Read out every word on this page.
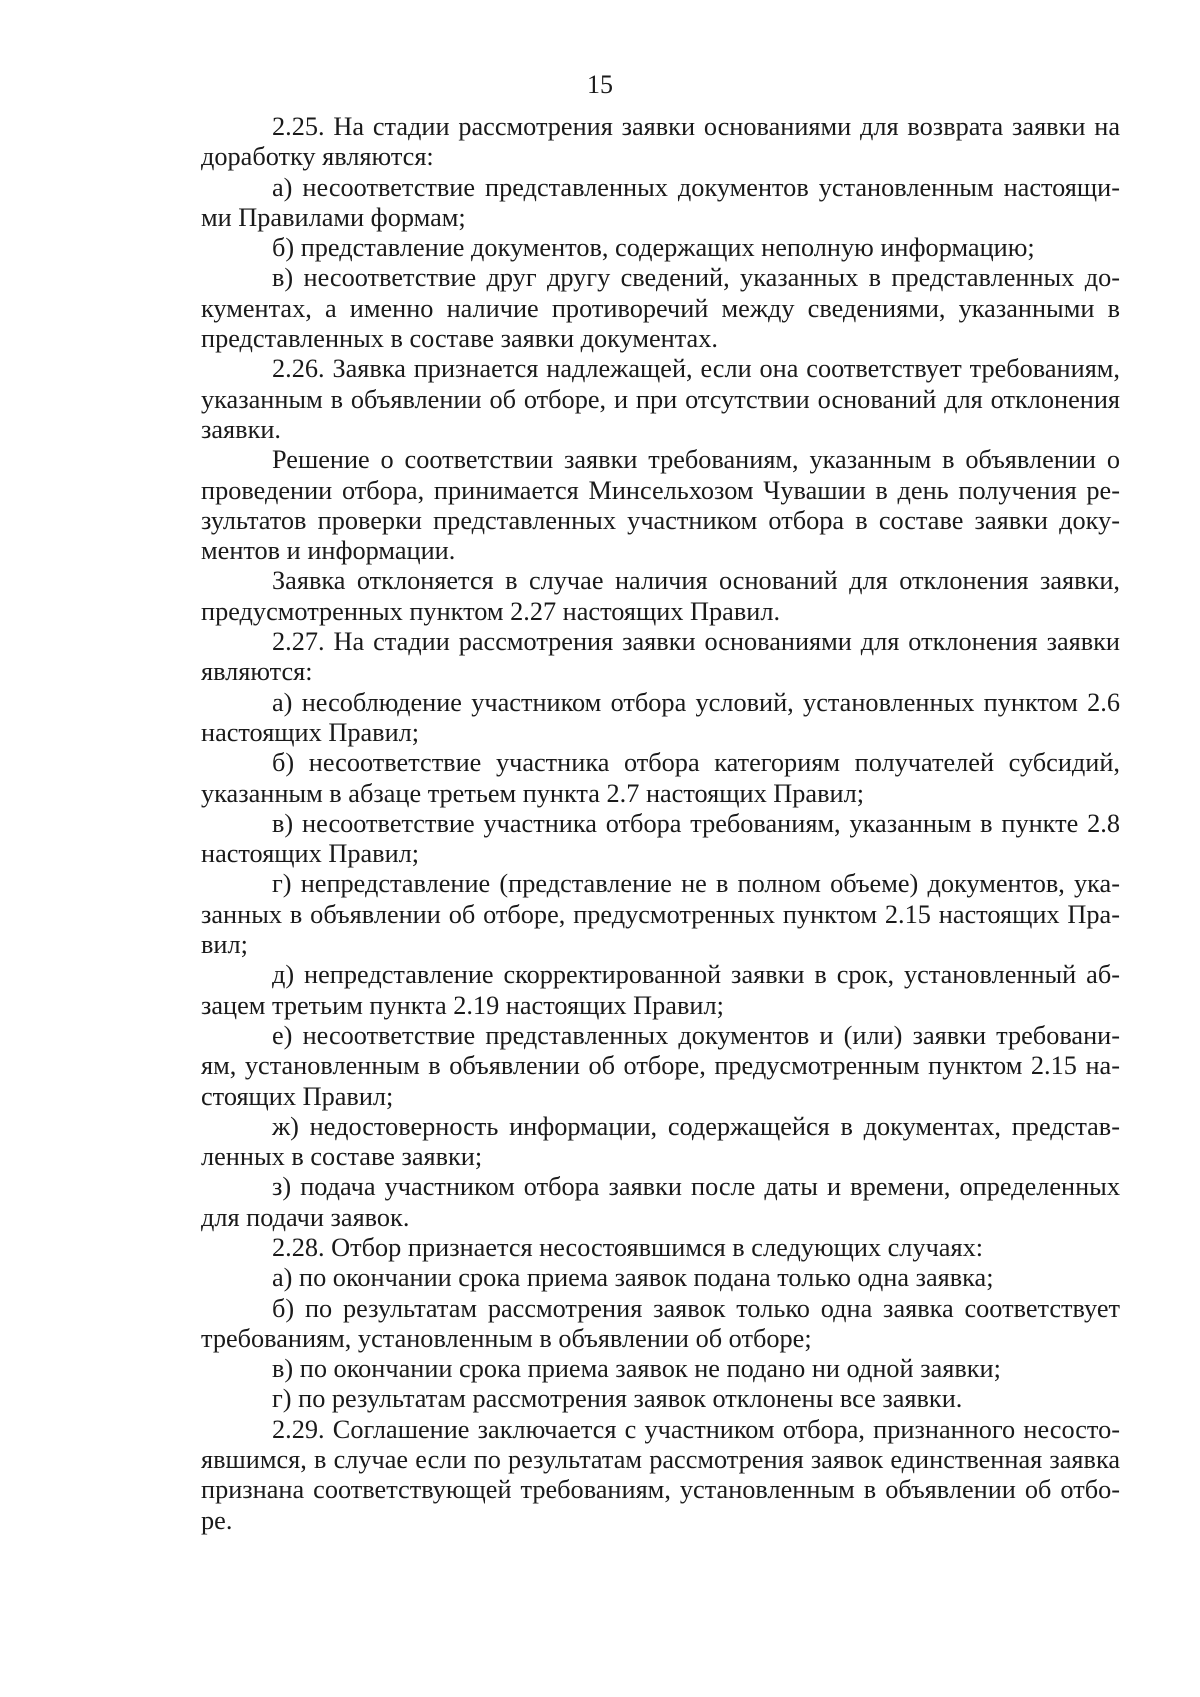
15

2.25. На стадии рассмотрения заявки основаниями для возврата заявки на доработку являются:

а) несоответствие представленных документов установленным настоящими Правилами формам;

б) представление документов, содержащих неполную информацию;

в) несоответствие друг другу сведений, указанных в представленных документах, а именно наличие противоречий между сведениями, указанными в представленных в составе заявки документах.

2.26. Заявка признается надлежащей, если она соответствует требованиям, указанным в объявлении об отборе, и при отсутствии оснований для отклонения заявки.

Решение о соответствии заявки требованиям, указанным в объявлении о проведении отбора, принимается Минсельхозом Чувашии в день получения результатов проверки представленных участником отбора в составе заявки документов и информации.

Заявка отклоняется в случае наличия оснований для отклонения заявки, предусмотренных пунктом 2.27 настоящих Правил.

2.27. На стадии рассмотрения заявки основаниями для отклонения заявки являются:

а) несоблюдение участником отбора условий, установленных пунктом 2.6 настоящих Правил;

б) несоответствие участника отбора категориям получателей субсидий, указанным в абзаце третьем пункта 2.7 настоящих Правил;

в) несоответствие участника отбора требованиям, указанным в пункте 2.8 настоящих Правил;

г) непредставление (представление не в полном объеме) документов, указанных в объявлении об отборе, предусмотренных пунктом 2.15 настоящих Правил;

д) непредставление скорректированной заявки в срок, установленный абзацем третьим пункта 2.19 настоящих Правил;

е) несоответствие представленных документов и (или) заявки требованиям, установленным в объявлении об отборе, предусмотренным пунктом 2.15 настоящих Правил;

ж) недостоверность информации, содержащейся в документах, представленных в составе заявки;

з) подача участником отбора заявки после даты и времени, определенных для подачи заявок.

2.28. Отбор признается несостоявшимся в следующих случаях:

а) по окончании срока приема заявок подана только одна заявка;

б) по результатам рассмотрения заявок только одна заявка соответствует требованиям, установленным в объявлении об отборе;

в) по окончании срока приема заявок не подано ни одной заявки;

г) по результатам рассмотрения заявок отклонены все заявки.

2.29. Соглашение заключается с участником отбора, признанного несостоявшимся, в случае если по результатам рассмотрения заявок единственная заявка признана соответствующей требованиям, установленным в объявлении об отборе.
